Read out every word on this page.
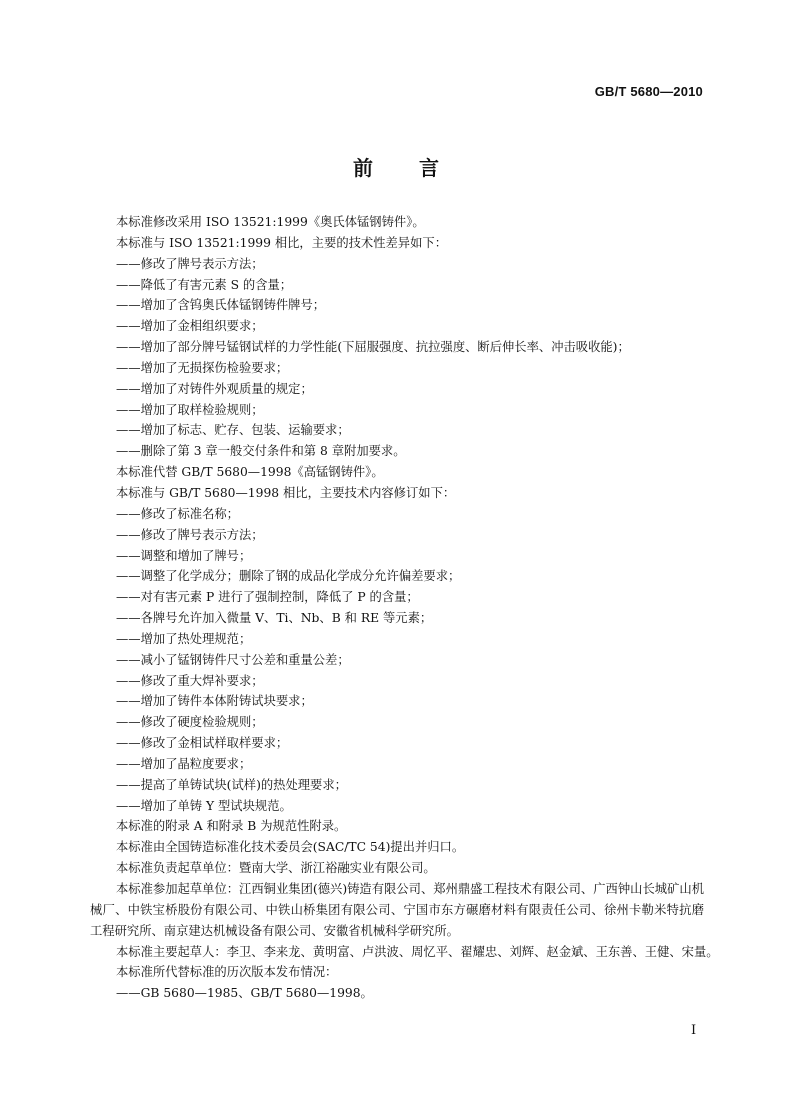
GB/T 5680—2010
前 言

本标准修改采用 ISO 13521:1999《奥氏体锰钢铸件》。

本标准与 ISO 13521:1999 相比，主要的技术性差异如下：

——修改了牌号表示方法；

——降低了有害元素 S 的含量；

——增加了含钨奥氏体锰钢铸件牌号；

——增加了金相组织要求；

——增加了部分牌号锰钢试样的力学性能(下屈服强度、抗拉强度、断后伸长率、冲击吸收能)；

——增加了无损探伤检验要求；

——增加了对铸件外观质量的规定；

——增加了取样检验规则；

——增加了标志、贮存、包装、运输要求；

——删除了第 3 章一般交付条件和第 8 章附加要求。

本标准代替 GB/T 5680—1998《高锰钢铸件》。

本标准与 GB/T 5680—1998 相比，主要技术内容修订如下：

——修改了标准名称；

——修改了牌号表示方法；

——调整和增加了牌号；

——调整了化学成分；删除了钢的成品化学成分允许偏差要求；

——对有害元素 P 进行了强制控制，降低了 P 的含量；

——各牌号允许加入微量 V、Ti、Nb、B 和 RE 等元素；

——增加了热处理规范；

——减小了锰钢铸件尺寸公差和重量公差；

——修改了重大焊补要求；

——增加了铸件本体附铸试块要求；

——修改了硬度检验规则；

——修改了金相试样取样要求；

——增加了晶粒度要求；

——提高了单铸试块(试样)的热处理要求；

——增加了单铸 Y 型试块规范。

本标准的附录 A 和附录 B 为规范性附录。

本标准由全国铸造标准化技术委员会(SAC/TC 54)提出并归口。

本标准负责起草单位：暨南大学、浙江裕融实业有限公司。

本标准参加起草单位：江西铜业集团(德兴)铸造有限公司、郑州鼎盛工程技术有限公司、广西钟山长城矿山机械厂、中铁宝桥股份有限公司、中铁山桥集团有限公司、宁国市东方碾磨材料有限责任公司、徐州卡勒米特抗磨工程研究所、南京建达机械设备有限公司、安徽省机械科学研究所。

本标准主要起草人：李卫、李来龙、黄明富、卢洪波、周忆平、翟耀忠、刘辉、赵金斌、王东善、王健、宋量。

本标准所代替标准的历次版本发布情况：

——GB 5680—1985、GB/T 5680—1998。

I
